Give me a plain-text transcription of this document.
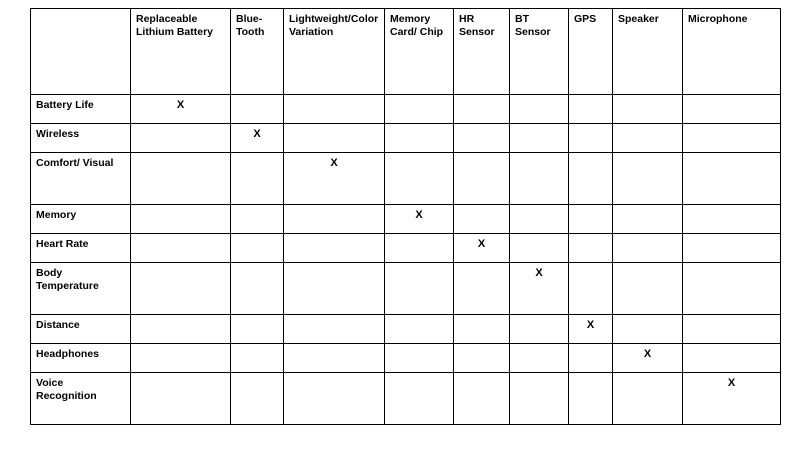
	Replaceable Lithium Battery	Blue-Tooth	Lightweight/Color Variation	Memory Card/ Chip	HR Sensor	BT Sensor	GPS	Speaker	Microphone
Battery Life	X								

Wireless		X							

Comfort/ Visual			X						

Memory				X					

Heart Rate					X				

Body Temperature						X			

Distance							X		

Headphones								X	

Voice Recognition									X
